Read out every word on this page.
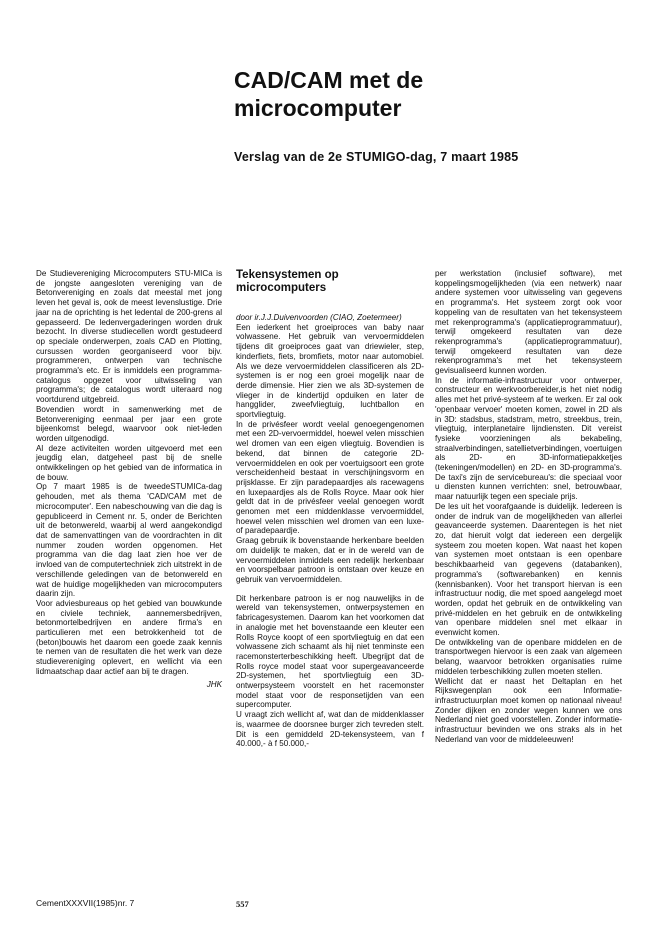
CAD/CAM met de
microcomputer
Verslag van de 2e STUMIGO-dag, 7 maart 1985

De Studievereniging Microcomputers STU-MICa is de jongste aangesloten vereniging van de Betonvereniging en zoals dat meestal met jong leven het geval is, ook de meest levenslustige. Drie jaar na de oprichting is het ledental de 200-grens al gepasseerd. De ledenvergaderingen worden druk bezocht. In diverse studiecellen wordt gestudeerd op speciale onderwerpen, zoals CAD en Plotting, cursussen worden georganiseerd voor bijv. programmeren, ontwerpen van technische programma's etc. Er is inmiddels een programma-catalogus opgezet voor uitwisseling van programma's; de catalogus wordt uiteraard nog voortdurend uitgebreid.

Bovendien wordt in samenwerking met de Betonvereniging eenmaal per jaar een grote bijeenkomst belegd, waarvoor ook niet-leden worden uitgenodigd.

Al deze activiteiten worden uitgevoerd met een jeugdig elan, datgeheel past bij de snelle ontwikkelingen op het gebied van de informatica in de bouw.

Op 7 maart 1985 is de tweedeSTUMICa-dag gehouden, met als thema 'CAD/CAM met de microcomputer'. Een nabeschouwing van die dag is gepubliceerd in Cement nr. 5, onder de Berichten uit de betonwereld, waarbij al werd aangekondigd dat de samenvattingen van de voordrachten in dit nummer zouden worden opgenomen. Het programma van die dag laat zien hoe ver de invloed van de computertechniek zich uitstrekt in de verschillende geledingen van de betonwereld en wat de huidige mogelijkheden van microcomputers daarin zijn.

Voor adviesbureaus op het gebied van bouwkunde en civiele techniek, aannemersbedrijven, betonmortelbedrijven en andere firma's en particulieren met een betrokkenheid tot de (beton)bouwis het daarom een goede zaak kennis te nemen van de resultaten die het werk van deze studievereniging oplevert, en wellicht via een lidmaatschap daar actief aan bij te dragen.

JHK
Tekensystemen op
microcomputers

door ir.J.J.Duivenvoorden (CIAO, Zoetermeer)

Een iederkent het groeiproces van baby naar volwassene. Het gebruik van vervoermiddelen tijdens dit groeiproces gaat van driewieler, step, kinderfiets, fiets, bromfiets, motor naar automobiel. Als we deze vervoermiddelen classificeren als 2D-systemen is er nog een groei mogelijk naar de derde dimensie. Hier zien we als 3D-systemen de vlieger in de kindertijd opduiken en later de hangglider, zweefvliegtuig, luchtballon en sportvliegtuig.

In de privésfeer wordt veelal genoegengenomen met een 2D-vervoermiddel, hoewel velen misschien wel dromen van een eigen vliegtuig. Bovendien is bekend, dat binnen de categorie 2D-vervoermiddelen en ook per voertuigsoort een grote verscheidenheid bestaat in verschijningsvorm en prijsklasse. Er zijn paradepaardjes als racewagens en luxepaardjes als de Rolls Royce. Maar ook hier geldt dat in de privésfeer veelal genoegen wordt genomen met een middenklasse vervoermiddel, hoewel velen misschien wel dromen van een luxe- of paradepaardje.

Graag gebruik ik bovenstaande herkenbare beelden om duidelijk te maken, dat er in de wereld van de vervoermiddelen inmiddels een redelijk herkenbaar en voorspelbaar patroon is ontstaan over keuze en gebruik van vervoermiddelen.

Dit herkenbare patroon is er nog nauwelijks in de wereld van tekensystemen, ontwerpsystemen en fabricagesystemen. Daarom kan het voorkomen dat in analogie met het bovenstaande een kleuter een Rolls Royce koopt of een sportvliegtuig en dat een volwassene zich schaamt als hij niet tenminste een racemonsterterbeschikking heeft. Ubegrijpt dat de Rolls royce model staat voor supergeavanceerde 2D-systemen, het sportvliegtuig een 3D-ontwerpsysteem voorstelt en het racemonster model staat voor de responsetijden van een supercomputer.

U vraagt zich wellicht af, wat dan de middenklasser is, waarmee de doorsnee burger zich tevreden stelt. Dit is een gemiddeld 2D-tekensysteem, van f 40.000,- à f 50.000,-

per werkstation (inclusief software), met koppelingsmogelijkheden (via een netwerk) naar andere systemen voor uitwisseling van gegevens en programma's. Het systeem zorgt ook voor koppeling van de resultaten van het tekensysteem met rekenprogramma's (applicatieprogrammatuur), terwijl omgekeerd resultaten van deze rekenprogramma's (applicatieprogrammatuur), terwijl omgekeerd resultaten van deze rekenprogramma's met het tekensysteem gevisualiseerd kunnen worden.

In de informatie-infrastructuur voor ontwerper, constructeur en werkvoorbereider,is het niet nodig alles met het privé-systeem af te werken. Er zal ook 'openbaar vervoer' moeten komen, zowel in 2D als in 3D: stadsbus, stadstram, metro, streekbus, trein, vliegtuig, interplanetaire lijndiensten. Dit vereist fysieke voorzieningen als bekabeling, straalverbindingen, satellietverbindingen, voertuigen als 2D- en 3D-informatiepakketjes (tekeningen/modellen) en 2D- en 3D-programma's. De taxi's zijn de servicebureau's: die speciaal voor u diensten kunnen verrichten: snel, betrouwbaar, maar natuurlijk tegen een speciale prijs.

De les uit het voorafgaande is duidelijk. Iedereen is onder de indruk van de mogelijkheden van allerlei geavanceerde systemen. Daarentegen is het niet zo, dat hieruit volgt dat iedereen een dergelijk systeem zou moeten kopen. Wat naast het kopen van systemen moet ontstaan is een openbare beschikbaarheid van gegevens (databanken), programma's (softwarebanken) en kennis (kennisbanken). Voor het transport hiervan is een infrastructuur nodig, die met spoed aangelegd moet worden, opdat het gebruik en de ontwikkeling van privé-middelen en het gebruik en de ontwikkeling van openbare middelen snel met elkaar in evenwicht komen.

De ontwikkeling van de openbare middelen en de transportwegen hiervoor is een zaak van algemeen belang, waarvoor betrokken organisaties ruime middelen terbeschikking zullen moeten stellen.

Wellicht dat er naast het Deltaplan en het Rijkswegenplan ook een Informatie-infrastructuurplan moet komen op nationaal niveau! Zonder dijken en zonder wegen kunnen we ons Nederland niet goed voorstellen. Zonder informatie-infrastructuur bevinden we ons straks als in het Nederland van voor de middeleeuwen!

CementXXXVII(1985)nr. 7	557
